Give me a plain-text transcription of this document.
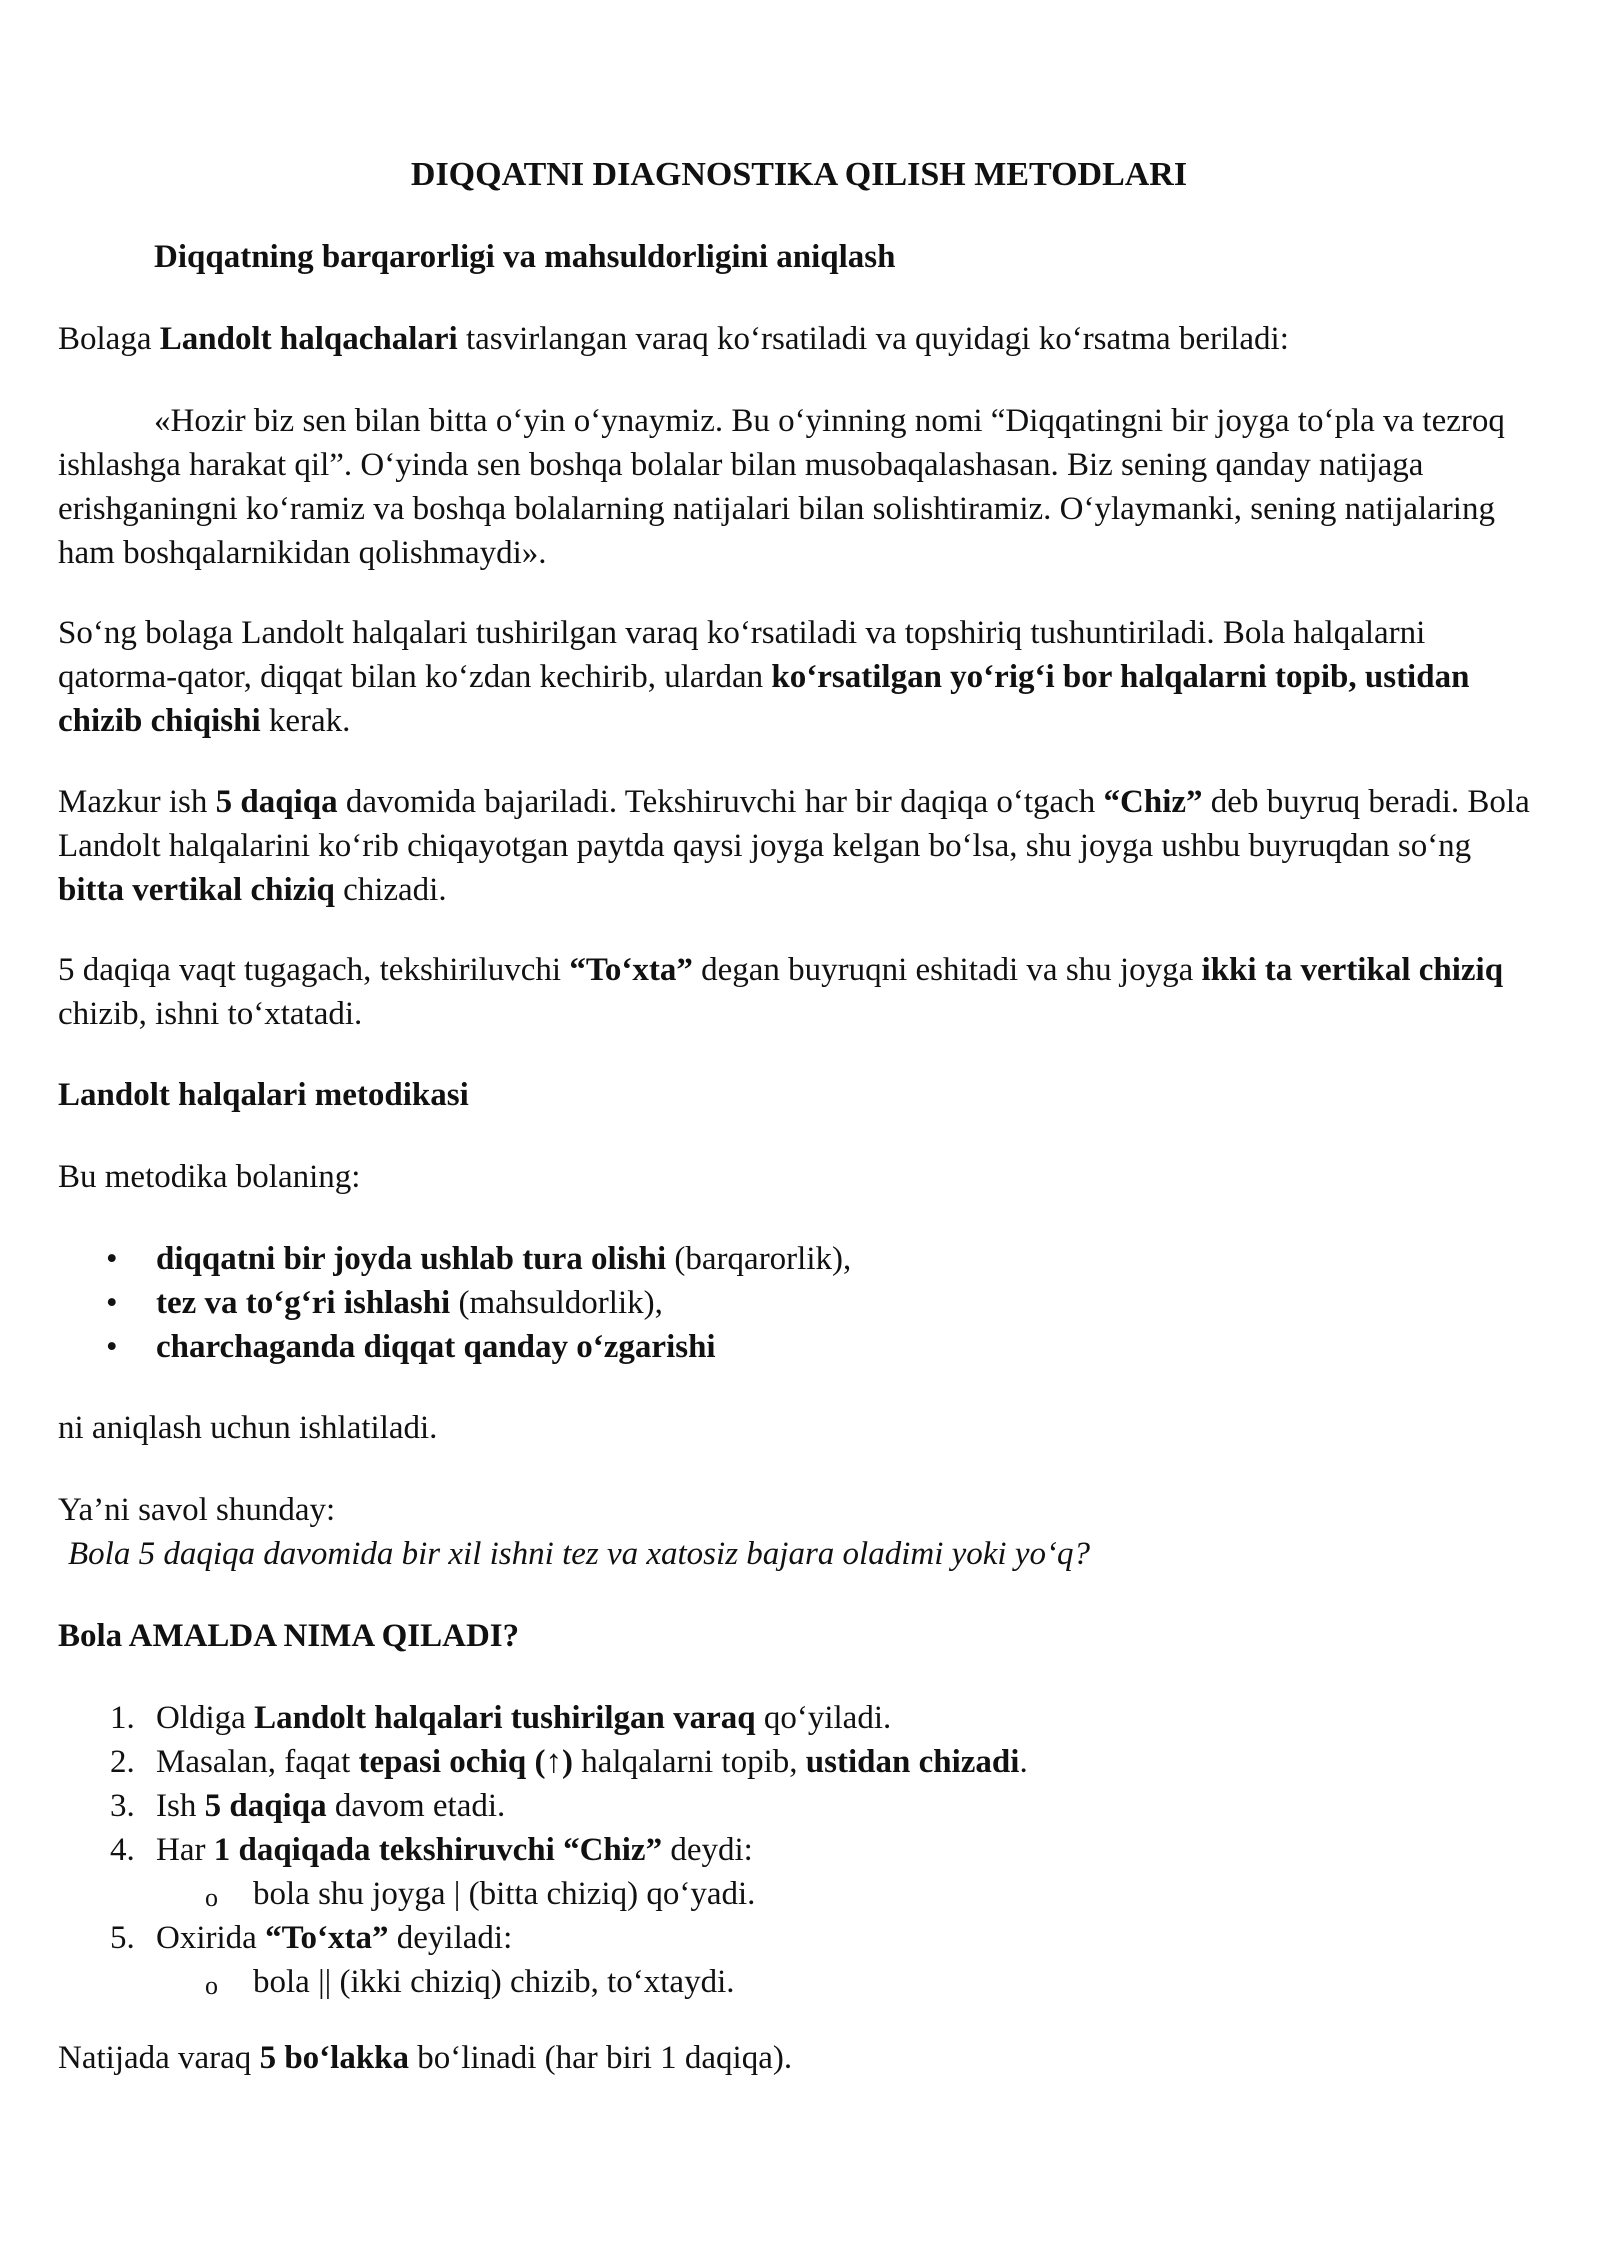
DIQQATNI DIAGNOSTIKA QILISH METODLARI

Diqqatning barqarorligi va mahsuldorligini aniqlash

Bolaga Landolt halqachalari tasvirlangan varaq koʻrsatiladi va quyidagi koʻrsatma beriladi:

«Hozir biz sen bilan bitta oʻyin oʻynaymiz. Bu oʻyinning nomi “Diqqatingni bir joyga toʻpla va tezroq ishlashga harakat qil”. Oʻyinda sen boshqa bolalar bilan musobaqalashasan. Biz sening qanday natijaga erishganingni koʻramiz va boshqa bolalarning natijalari bilan solishtiramiz. Oʻylaymanki, sening natijalaring ham boshqalarnikidan qolishmaydi».

Soʻng bolaga Landolt halqalari tushirilgan varaq koʻrsatiladi va topshiriq tushuntiriladi. Bola halqalarni qatorma-qator, diqqat bilan koʻzdan kechirib, ulardan koʻrsatilgan yoʻrigʻi bor halqalarni topib, ustidan chizib chiqishi kerak.

Mazkur ish 5 daqiqa davomida bajariladi. Tekshiruvchi har bir daqiqa oʻtgach “Chiz” deb buyruq beradi. Bola Landolt halqalarini koʻrib chiqayotgan paytda qaysi joyga kelgan boʻlsa, shu joyga ushbu buyruqdan soʻng bitta vertikal chiziq chizadi.

5 daqiqa vaqt tugagach, tekshiriluvchi “Toʻxta” degan buyruqni eshitadi va shu joyga ikki ta vertikal chiziq chizib, ishni toʻxtatadi.

Landolt halqalari metodikasi

Bu metodika bolaning:

• diqqatni bir joyda ushlab tura olishi (barqarorlik),
• tez va toʻgʻri ishlashi (mahsuldorlik),
• charchaganda diqqat qanday oʻzgarishi

ni aniqlash uchun ishlatiladi.

Ya’ni savol shunday:

Bola 5 daqiqa davomida bir xil ishni tez va xatosiz bajara oladimi yoki yoʻq?

Bola AMALDA NIMA QILADI?

1. Oldiga Landolt halqalari tushirilgan varaq qoʻyiladi.
2. Masalan, faqat tepasi ochiq (↑) halqalarni topib, ustidan chizadi.
3. Ish 5 daqiqa davom etadi.
4. Har 1 daqiqada tekshiruvchi “Chiz” deydi:
o bola shu joyga | (bitta chiziq) qoʻyadi.
5. Oxirida “Toʻxta” deyiladi:
o bola || (ikki chiziq) chizib, toʻxtaydi.

Natijada varaq 5 boʻlakka boʻlinadi (har biri 1 daqiqa).
